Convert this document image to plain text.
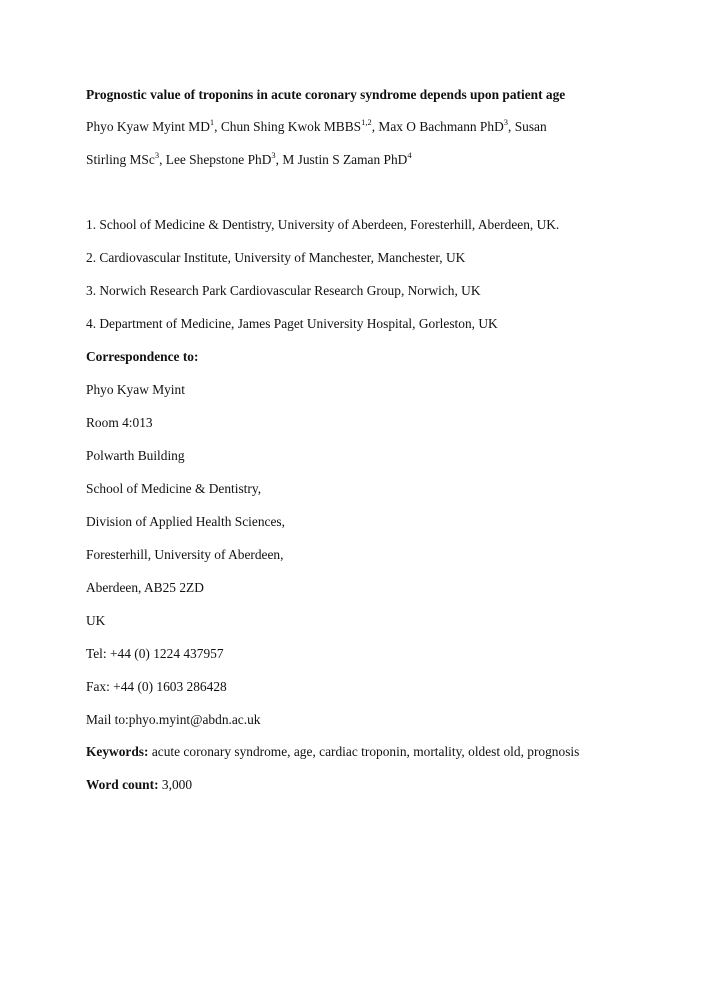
Prognostic value of troponins in acute coronary syndrome depends upon patient age
Phyo Kyaw Myint $MD^1$, Chun Shing Kwok MBBS$^{1,2}$, Max O Bachmann PhD$^3$, Susan
Stirling MSc$^3$, Lee Shepstone PhD$^3$, M Justin S Zaman PhD$^4$
1. School of Medicine & Dentistry, University of Aberdeen, Foresterhill, Aberdeen, UK.
2. Cardiovascular Institute, University of Manchester, Manchester, UK
3. Norwich Research Park Cardiovascular Research Group, Norwich, UK
4. Department of Medicine, James Paget University Hospital, Gorleston, UK
Correspondence to:
Phyo Kyaw Myint
Room 4:013
Polwarth Building
School of Medicine & Dentistry,
Division of Applied Health Sciences,
Foresterhill, University of Aberdeen,
Aberdeen, AB25 2ZD
UK
Tel: +44 (0) 1224 437957
Fax: +44 (0) 1603 286428
Mail to:phyo.myint@abdn.ac.uk
Keywords: acute coronary syndrome, age, cardiac troponin, mortality, oldest old, prognosis
Word count: 3,000
